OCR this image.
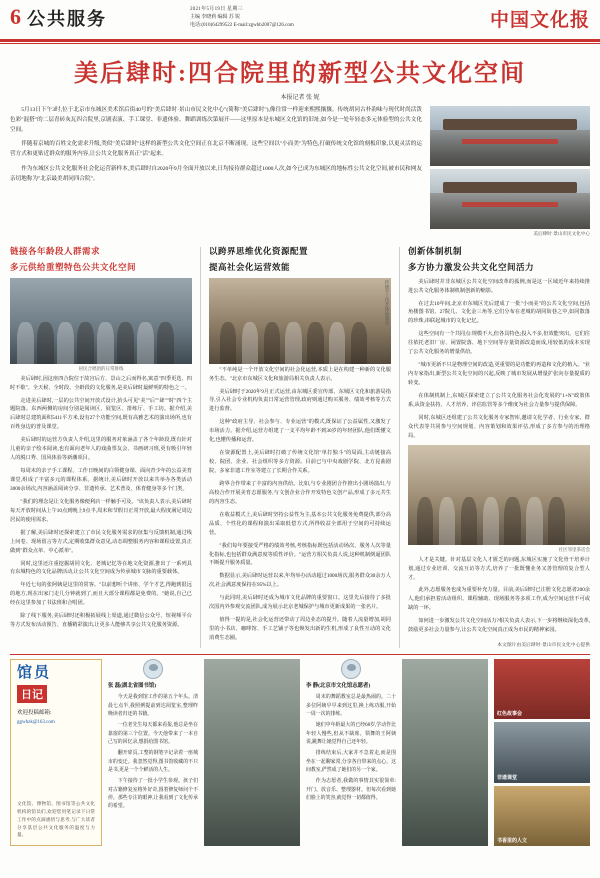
6 公共服务	2021年5月19日 星期三
主编 李晓莉 编辑 苏 锐
电话:(010)64299522 E-mail:zgwhb2007@126.com	中国文化报
美后肆时:四合院里的新型公共文化空间
本报记者 张 妮

5月13日下午3时,位于北京市东城区美术馆后街40号的"美后肆时·景山市民文化中心"(简称"美后肆时"),像往常一样迎来熙熙攘攘。传统胡同古朴韵味与现代时尚活泼色彩"混搭"的二层青砖灰瓦四合院里,京剧表演、手工课堂、非遗体验、舞蹈训练次第展开——这里原本是东城区文化馆的旧址,如今是一处年轻态多元体验型的公共文化空间。

伴随着京城的百姓文化需求升级,类似"美后肆时"这样的新型公共文化空间正在北京不断涌现。这些空间以"小而美"为特色,打破传统文化馆的刻板印象,以更灵活的运营方式和更贴近群众的服务内容,让公共文化服务真正"活"起来。

作为东城区公共文化服务社会化运营新样本,美后肆时自2020年9月全面开放以来,日均接待群众超过1000人次,如今已成为东城区的地标性公共文化空间,被市民和网友亲切地称为"北京最美胡同四合院"。

美后肆时·景山市民文化中心
链接各年龄段人群需求
多元供给重塑特色公共文化空间
居民合唱团的日常排练

美后肆时,因这座四合院位于故宫后方、景山之后而得名,寓意"四季更迭、四时不歇"。全天候、全时段、全龄段的文化服务,是美后肆时最鲜明的特色之一。

走进美后肆时,一层的公共空间开放式设计,抬头可见"美""后""肆""时"四个主题院落。东西两侧的房间分别是阅读区、展览区、排练厅、手工坊。据介绍,美后肆时总建筑面积5411平方米,设有27个功能空间,既有高雅艺术的演出场所,也有百姓身边的普及课堂。

美后肆时的运营方负责人介绍,这里的服务对象涵盖了各个年龄段,既有针对儿童的亲子绘本阅读,也有面向老年人的戏曲票友会、书画研习班,更有吸引年轻人的脱口秀、国风体验等新潮项目。

每周末的亲子手工课程、工作日晚间的白领健身课、面向青少年的公益美育课堂,组成了丰富多元的课程体系。据统计,美后肆时开放以来共举办各类活动3000余场次,内容涵盖阅读分享、非遗传承、艺术普及、体育健身等多个门类。

"我们的理念是让文化服务像便利店一样触手可及。"该负责人表示,美后肆时每天开放时间从上午10点到晚上9点半,周末和节假日正常开放,最大程度满足周边居民的使用需求。

据了解,美后肆时还探索建立了市民文化服务需求的征集与反馈机制,通过线上问卷、现场留言等方式,定期收集群众意见,动态调整服务内容和课程设置,真正做到"群众点单、中心派单"。

同时,这里还注重挖掘胡同文化、老城记忆等在地文化资源,推出了一系列具有东城特色的文化品牌活动,让公共文化空间成为传承城市文脉的重要载体。

年近七旬的张阿姨是这里的常客。"以前想听个讲座、学个才艺,得跑到很远的地方,现在出家门走几分钟就到了,而且大部分课程都是免费的。"她说,自己已经在这里参加了书法班和合唱团。

除了线下服务,美后肆时还积极拓展线上渠道,通过微信公众号、短视频平台等方式发布活动预告、直播精彩演出,让更多人能够共享公共文化服务资源。

以跨界思维优化资源配置
提高社会化运营效能
传统手工技艺体验课堂

"不单纯是一个开放文化空间的社会化运营,本质上是在构建一种新的文化服务生态。"北京市东城区文化和旅游局相关负责人表示。

美后肆时于2020年9月正式运营,由东城区委宣传部、东城区文化和旅游局指导,引入社会专业机构负责日常运营管理,政府则通过购买服务、绩效考核等方式进行监督。

这种"政府主导、社会参与、专业运营"的模式,既保证了公益属性,又激发了市场活力。据介绍,运营方组建了一支平均年龄不到30岁的年轻团队,他们既懂文化,也懂传播和运营。

在资源配置上,美后肆时打破了传统文化馆"单打独斗"的局面,主动链接高校、院团、企业、社会组织等多方资源。目前已与中央戏剧学院、北方昆曲剧院、多家非遗工作室等建立了长期合作关系。

跨界合作带来了丰富的内容供给。比如,与专业剧团合作推出小剧场演出,与高校合作开展美育志愿服务,与文创企业合作开发特色文创产品,形成了多元共生的内容生态。

在收益模式上,美后肆时坚持公益性为主,基本公共文化服务免费提供,部分高品质、个性化的课程和演出采取低偿方式,所得收益全部用于空间的可持续运营。

"我们每年要接受严格的绩效考核,考核指标既包括活动场次、服务人次等量化指标,也包括群众满意度等质性评价。"运营方相关负责人说,这种机制倒逼团队不断提升服务质量。

数据显示,美后肆时运营以来,年均举办活动超过1000场次,服务群众30余万人次,社会满意度保持在95%以上。

与此同时,美后肆时还成为城市文化品牌的重要窗口。这里先后接待了多批次国内外参观交流团队,成为展示北京老城保护与城市更新成果的一张名片。

值得一提的是,社会化运营还带动了周边业态的提升。随着人流量增加,胡同里的小书店、咖啡馆、手工艺铺子等也焕发出新的生机,形成了良性互动的文化消费生态圈。

创新体制机制
多方协力激发公共文化空间活力

美后肆时并非东城区公共文化空间改革的孤例,而是这一区域近年来持续推进公共文化服务体制机制创新的缩影。

在过去10年间,北京市东城区先后建成了一批"小而美"的公共文化空间,包括角楼图书馆、27院儿、文化金三角等,它们分布在老城的胡同街巷之中,如同散落的珍珠,串联起城市的文化记忆。

这些空间有一个共同点:规模不大,但各具特色;投入不多,但效能突出。它们往往依托老旧厂房、闲置院落、地下空间等存量资源改造而成,用较低的成本实现了公共文化服务的增量供给。

"城市更新不只是物理空间的改造,更重要的是功能的再造和文化的植入。"业内专家指出,新型公共文化空间的兴起,反映了城市发展从增量扩张向存量提质的转变。

在体制机制上,东城区探索建立了公共文化服务社会化发展的"1+N"政策体系,从资金扶持、人才培养、评估监管等多个维度为社会力量参与提供保障。

同时,东城区还组建了公共文化服务专家智库,邀请文化学者、行业专家、群众代表等共同参与空间规划、内容策划和效果评估,形成了多方参与的治理格局。

社区邻里茶话会

人才是关键。针对基层文化人才匮乏的问题,东城区实施了文化骨干培养计划,通过专业培训、交流互访等方式,培养了一批既懂业务又善管理的复合型人才。

此外,志愿服务也成为重要补充力量。目前,美后肆时已注册文化志愿者200余人,他们承担着活动组织、课程辅助、现场服务等多项工作,成为空间运营不可或缺的一环。

如何进一步激发公共文化空间活力?相关负责人表示,下一步将继续深化改革,鼓励更多社会力量参与,让公共文化空间真正成为市民的精神家园。

本文图片由美后肆时·景山市民文化中心提供
馆员
日记
欢迎投稿邮箱:
ggwhzk@163.com
文化馆、博物馆、图书馆等公共文化机构的馆员们,欢迎您用笔记录下日常工作中的点滴感悟与思考,与广大读者分享基层公共文化服务的温度与力量。
张 磊(湖北省图书馆)

今天是我到馆工作的第五个年头。清晨七点半,我照例提前到达阅览室,整理昨晚读者归还的书籍。

一位老先生每天都来看报,他总是坐在靠窗的第三个位置。今天他带来了一本自己写的回忆录,想捐给图书馆。

翻开扉页,工整的钢笔字记录着一座城市的变迁。我忽然觉得,图书馆收藏的不只是书,更是一个个鲜活的人生。

下午接待了一批小学生参观。孩子们对古籍修复室格外好奇,围着修复师问个不停。那些专注的眼神,让我看到了文化传承的希望。

李 静(北京市文化馆志愿者)

周末的舞蹈教室总是最热闹的。二十多位阿姨早早来到这里,换上练功服,开始一周一次的排练。

她们中年龄最大的已经68岁,学动作比年轻人慢些,但从不缺席。领舞的王阿姨说,跳舞让她觉得自己还年轻。

排练结束后,大家并不急着走,而是围坐在一起聊家常,分享各自带来的点心。这间教室,俨然成了她们的另一个家。

作为志愿者,我做的事情其实很简单:开门、放音乐、整理器材。但每次看到她们脸上的笑容,就觉得一切都值得。

红色故事会
非遗课堂
书香里的人文
